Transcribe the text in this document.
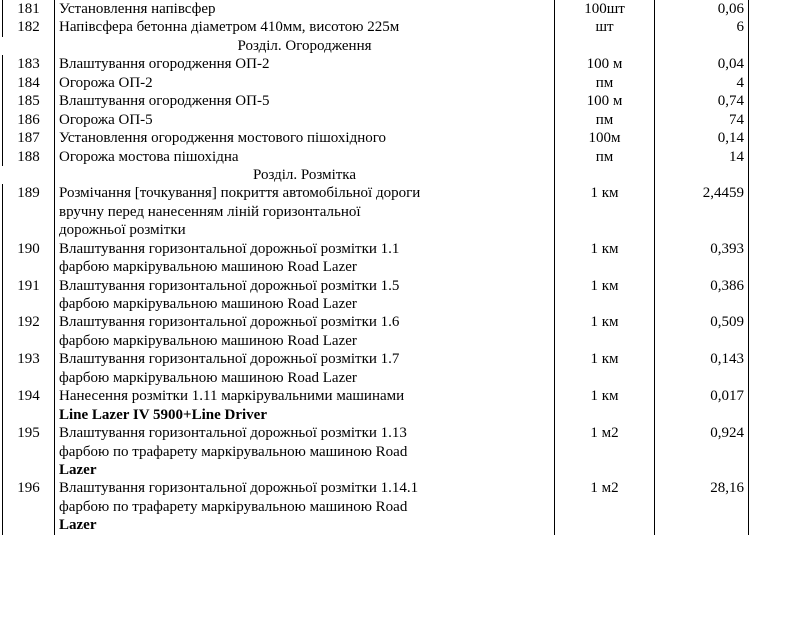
181	Установлення напівсфер	100шт	0,06
182	Напівсфера бетонна діаметром 410мм, висотою 225м	шт	6
	Розділ. Огородження		
183	Влаштування огородження ОП-2	100 м	0,04
184	Огорожа ОП-2	пм	4
185	Влаштування огородження ОП-5	100 м	0,74
186	Огорожа ОП-5	пм	74
187	Установлення огородження мостового пішохідного	100м	0,14
188	Огорожа мостова пішохідна	пм	14
	Розділ. Розмітка		
189	Розмічання [точкування] покриття автомобільної дороги
вручну перед нанесенням ліній горизонтальної
дорожньої розмітки	1 км	2,4459
190	Влаштування горизонтальної дорожньої розмітки 1.1
фарбою маркірувальною машиною Road Lazer	1 км	0,393
191	Влаштування горизонтальної дорожньої розмітки 1.5
фарбою маркірувальною машиною Road Lazer	1 км	0,386
192	Влаштування горизонтальної дорожньої розмітки 1.6
фарбою маркірувальною машиною Road Lazer	1 км	0,509
193	Влаштування горизонтальної дорожньої розмітки 1.7
фарбою маркірувальною машиною Road Lazer	1 км	0,143
194	Нанесення розмітки 1.11 маркірувальними машинами
Line Lazer IV 5900+Line Driver	1 км	0,017
195	Влаштування горизонтальної дорожньої розмітки 1.13
фарбою по трафарету маркірувальною машиною Road
Lazer	1 м2	0,924
196	Влаштування горизонтальної дорожньої розмітки 1.14.1
фарбою по трафарету маркірувальною машиною Road
Lazer	1 м2	28,16
